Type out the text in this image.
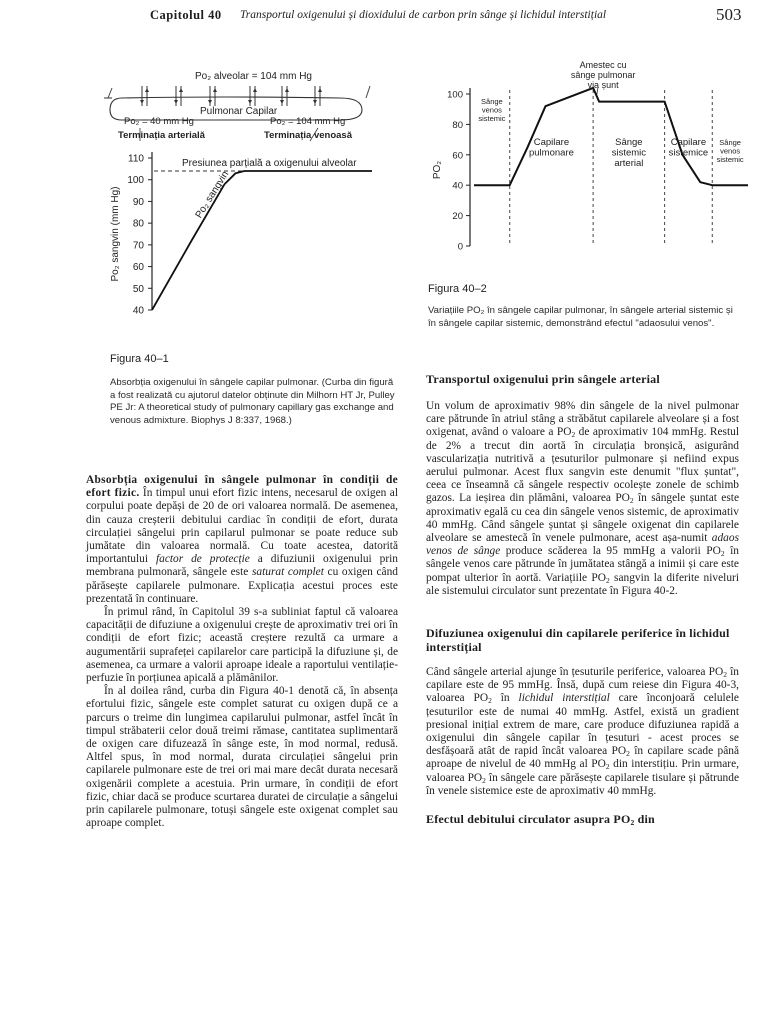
Capitolul 40 Transportul oxigenului și dioxidului de carbon prin sânge și lichidul interstițial	503
Po₂ alveolar = 104 mm Hg
Pulmonar Capilar
Po₂ = 40 mm Hg	Po₂ = 104 mm Hg
Terminația arterială	Terminația venoasă
40
50
60
70
80
90
100
110
Po₂ sangvin (mm Hg)
Presiunea parțială a oxigenului alveolar
Po₂ sangvin
Figura 40–1
Absorbția oxigenului în sângele capilar pulmonar. (Curba din figură a fost realizată cu ajutorul datelor obținute din Milhorn HT Jr, Pulley PE Jr: A theoretical study of pulmonary capillary gas exchange and venous admixture. Biophys J 8:337, 1968.)
0
20
40
60
80
100
PO₂
Sânge venos sistemic
Capilare pulmonare
Sânge sistemic arterial
Capilare sistemice
Sânge venos sistemic
Amestec cu sânge pulmonar via șunt
Figura 40–2
Variațiile PO₂ în sângele capilar pulmonar, în sângele arterial sistemic și în sângele capilar sistemic, demonstrând efectul "adaosului venos".

Absorbția oxigenului în sângele pulmonar în condiții de efort fizic. În timpul unui efort fizic intens, necesarul de oxigen al corpului poate depăși de 20 de ori valoarea normală. De asemenea, din cauza creșterii debitului cardiac în condiții de efort, durata circulației sângelui prin capilarul pulmonar se poate reduce sub jumătate din valoarea normală. Cu toate acestea, datorită importantului factor de protecție a difuziunii oxigenului prin membrana pulmonară, sângele este saturat complet cu oxigen când părăsește capilarele pulmonare. Explicația acestui proces este prezentată în continuare.

În primul rând, în Capitolul 39 s-a subliniat faptul că valoarea capacității de difuziune a oxigenului crește de aproximativ trei ori în condiții de efort fizic; această creștere rezultă ca urmare a augumentării suprafeței capilarelor care participă la difuziune și, de asemenea, ca urmare a valorii aproape ideale a raportului ventilație-perfuzie în porțiunea apicală a plămânilor.

În al doilea rând, curba din Figura 40-1 denotă că, în absența efortului fizic, sângele este complet saturat cu oxigen după ce a parcurs o treime din lungimea capilarului pulmonar, astfel încât în timpul străbaterii celor două treimi rămase, cantitatea suplimentară de oxigen care difuzează în sânge este, în mod normal, redusă. Altfel spus, în mod normal, durata circulației sângelui prin capilarele pulmonare este de trei ori mai mare decât durata necesară oxigenării complete a acestuia. Prin urmare, în condiții de efort fizic, chiar dacă se produce scurtarea duratei de circulație a sângelui prin capilarele pulmonare, totuși sângele este oxigenat complet sau aproape complet.

Transportul oxigenului prin sângele arterial

Un volum de aproximativ 98% din sângele de la nivel pulmonar care pătrunde în atriul stâng a străbătut capilarele alveolare și a fost oxigenat, având o valoare a $PO_2$ de aproximativ 104 mmHg. Restul de 2% a trecut din aortă în circulația bronșică, asigurând vascularizația nutritivă a țesuturilor pulmonare și nefiind expus aerului pulmonar. Acest flux sangvin este denumit "flux șuntat", ceea ce înseamnă că sângele respectiv ocolește zonele de schimb gazos. La ieșirea din plămâni, valoarea $PO_2$ în sângele șuntat este aproximativ egală cu cea din sângele venos sistemic, de aproximativ 40 mmHg. Când sângele șuntat și sângele oxigenat din capilarele alveolare se amestecă în venele pulmonare, acest așa-numit adaos venos de sânge produce scăderea la 95 mmHg a valorii $PO_2$ în sângele venos care pătrunde în jumătatea stângă a inimii și care este pompat ulterior în aortă. Variațiile $PO_2$ sangvin la diferite niveluri ale sistemului circulator sunt prezentate în Figura 40-2.

Difuziunea oxigenului din capilarele periferice în lichidul interstițial

Când sângele arterial ajunge în țesuturile periferice, valoarea $PO_2$ în capilare este de 95 mmHg. Însă, după cum reiese din Figura 40-3, valoarea $PO_2$ în lichidul interstițial care înconjoară celulele țesuturilor este de numai 40 mmHg. Astfel, există un gradient presional inițial extrem de mare, care produce difuziunea rapidă a oxigenului din sângele capilar în țesuturi - acest proces se desfășoară atât de rapid încât valoarea $PO_2$ în capilare scade până aproape de nivelul de 40 mmHg al $PO_2$ din interstițiu. Prin urmare, valoarea $PO_2$ în sângele care părăsește capilarele tisulare și pătrunde în venele sistemice este de aproximativ 40 mmHg.

Efectul debitului circulator asupra $PO_2$ din
